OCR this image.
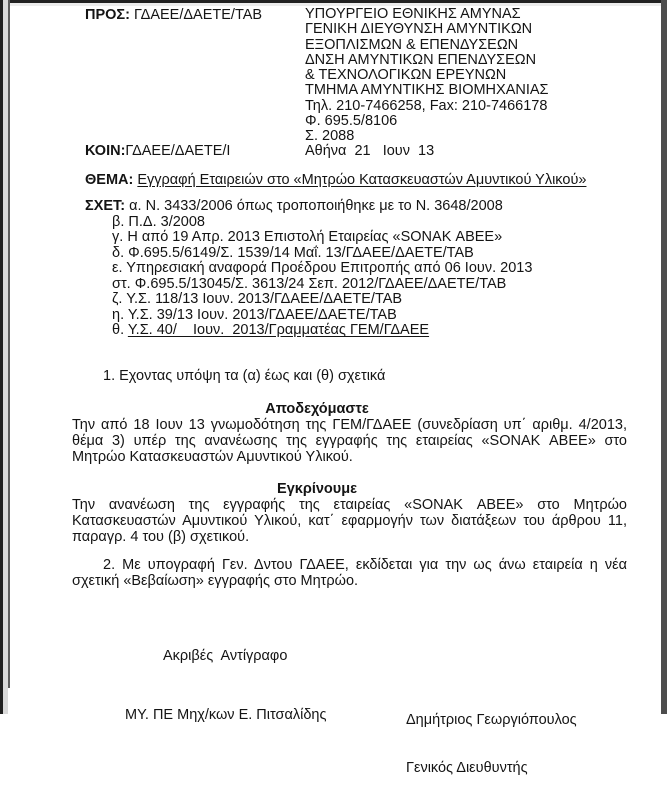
ΠΡΟΣ: ΓΔΑΕΕ/ΔΑΕΤΕ/ΤΑΒ	ΥΠΟΥΡΓΕΙΟ ΕΘΝΙΚΗΣ ΑΜΥΝΑΣ
ΓΕΝΙΚΗ ΔΙΕΥΘΥΝΣΗ ΑΜΥΝΤΙΚΩΝ
ΕΞΟΠΛΙΣΜΩΝ & ΕΠΕΝΔΥΣΕΩΝ
ΔΝΣΗ ΑΜΥΝΤΙΚΩΝ ΕΠΕΝΔΥΣΕΩΝ
& ΤΕΧΝΟΛΟΓΙΚΩΝ ΕΡΕΥΝΩΝ
ΤΜΗΜΑ ΑΜΥΝΤΙΚΗΣ ΒΙΟΜΗΧΑΝΙΑΣ
Τηλ. 210-7466258, Fax: 210-7466178
Φ. 695.5/8106
Σ. 2088
Αθήνα  21   Ιουν  13
ΚΟΙΝ:ΓΔΑΕΕ/ΔΑΕΤΕ/Ι
ΘΕΜΑ: Εγγραφή Εταιρειών στο «Μητρώο Κατασκευαστών Αμυντικού Υλικού»
ΣΧΕΤ: α. Ν. 3433/2006 όπως τροποποιήθηκε με το Ν. 3648/2008
β. Π.Δ. 3/2008
γ. Η από 19 Απρ. 2013 Επιστολή Εταιρείας «SONAK ΑΒΕΕ»
δ. Φ.695.5/6149/Σ. 1539/14 Μαΐ. 13/ΓΔΑΕΕ/ΔΑΕΤΕ/ΤΑΒ
ε. Υπηρεσιακή αναφορά Προέδρου Επιτροπής από 06 Ιουν. 2013
στ. Φ.695.5/13045/Σ. 3613/24 Σεπ. 2012/ΓΔΑΕΕ/ΔΑΕΤΕ/ΤΑΒ
ζ. Υ.Σ. 118/13 Ιουν. 2013/ΓΔΑΕΕ/ΔΑΕΤΕ/ΤΑΒ
η. Υ.Σ. 39/13 Ιουν. 2013/ΓΔΑΕΕ/ΔΑΕΤΕ/ΤΑΒ
θ. Υ.Σ. 40/    Ιουν.  2013/Γραμματέας ΓΕΜ/ΓΔΑΕΕ
1. Εχοντας υπόψη τα (α) έως και (θ) σχετικά
Αποδεχόμαστε
Την από 18 Ιουν 13 γνωμοδότηση της ΓΕΜ/ΓΔΑΕΕ (συνεδρίαση υπ΄ αριθμ. 4/2013,
θέμα 3) υπέρ της ανανέωσης της εγγραφής της εταιρείας «SONAK ΑΒΕΕ» στο
Μητρώο Κατασκευαστών Αμυντικού Υλικού.
Εγκρίνουμε
Την ανανέωση της εγγραφής της εταιρείας «SONAK ΑΒΕΕ» στο Μητρώο
Κατασκευαστών Αμυντικού Υλικού, κατ΄ εφαρμογήν των διατάξεων του άρθρου 11,
παραγρ. 4 του (β) σχετικού.
2. Με υπογραφή Γεν. Δντου ΓΔΑΕΕ, εκδίδεται για την ως άνω εταιρεία η νέα
σχετική «Βεβαίωση» εγγραφής στο Μητρώο.
Ακριβές  Αντίγραφο

Δημήτριος Γεωργιόπουλος

Γενικός Διευθυντής

ΜΥ. ΠΕ Μηχ/κων Ε. Πιτσαλίδης
